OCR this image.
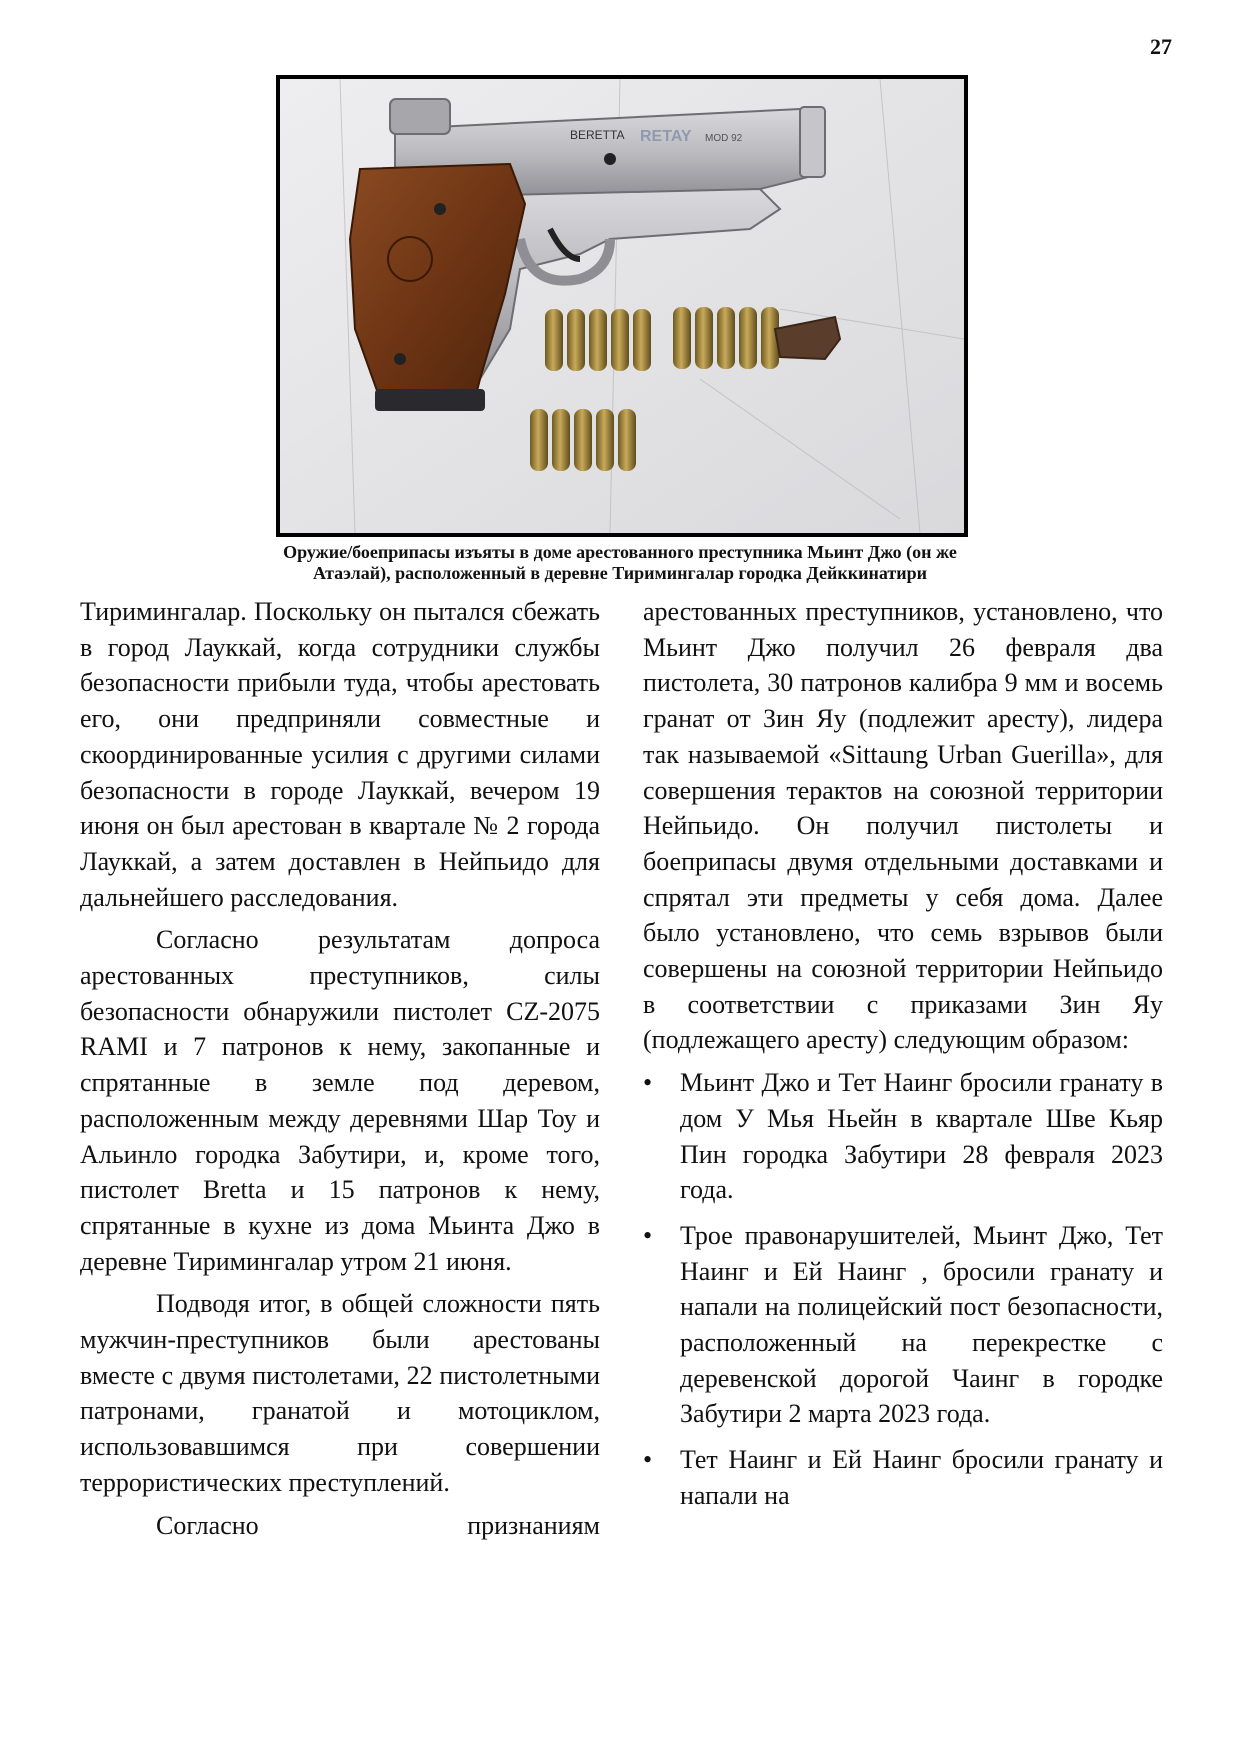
27
BERETTA RETAY MOD 92
Оружие/боеприпасы изъяты в доме арестованного преступника Мьинт Джо (он же
Атаэлай), расположенный в деревне Тиримингалар городка Дейккинатири

Тиримингалар. Поскольку он пытался сбежать в город Лауккай, когда сотрудники службы безопасности прибыли туда, чтобы арестовать его, они предприняли совместные и скоординированные усилия с другими силами безопасности в городе Лауккай, вечером 19 июня он был арестован в квартале № 2 города Лауккай, а затем доставлен в Нейпьидо для дальнейшего расследования.

Согласно результатам допроса арестованных преступников, силы безопасности обнаружили пистолет CZ-2075 RAMI и 7 патронов к нему, закопанные и спрятанные в земле под деревом, расположенным между деревнями Шар Тоу и Альинло городка Забутири, и, кроме того, пистолет Bretta и 15 патронов к нему, спрятанные в кухне из дома Мьинта Джо в деревне Тиримингалар утром 21 июня.

Подводя итог, в общей сложности пять мужчин-преступников были арестованы вместе с двумя пистолетами, 22 пистолетными патронами, гранатой и мотоциклом, использовавшимся при совершении террористических преступлений.

Согласно признаниям

арестованных преступников, установлено, что Мьинт Джо получил 26 февраля два пистолета, 30 патронов калибра 9 мм и восемь гранат от Зин Яу (подлежит аресту), лидера так называемой «Sittaung Urban Guerilla», для совершения терактов на союзной территории Нейпьидо. Он получил пистолеты и боеприпасы двумя отдельными доставками и спрятал эти предметы у себя дома. Далее было установлено, что семь взрывов были совершены на союзной территории Нейпьидо в соответствии с приказами Зин Яу (подлежащего аресту) следующим образом:

• Мьинт Джо и Тет Наинг бросили гранату в дом У Мья Ньейн в квартале Шве Кьяр Пин городка Забутири 28 февраля 2023 года.
• Трое правонарушителей, Мьинт Джо, Тет Наинг и Ей Наинг , бросили гранату и напали на полицейский пост безопасности, расположенный на перекрестке с деревенской дорогой Чаинг в городке Забутири 2 марта 2023 года.
• Тет Наинг и Ей Наинг бросили гранату и напали на
